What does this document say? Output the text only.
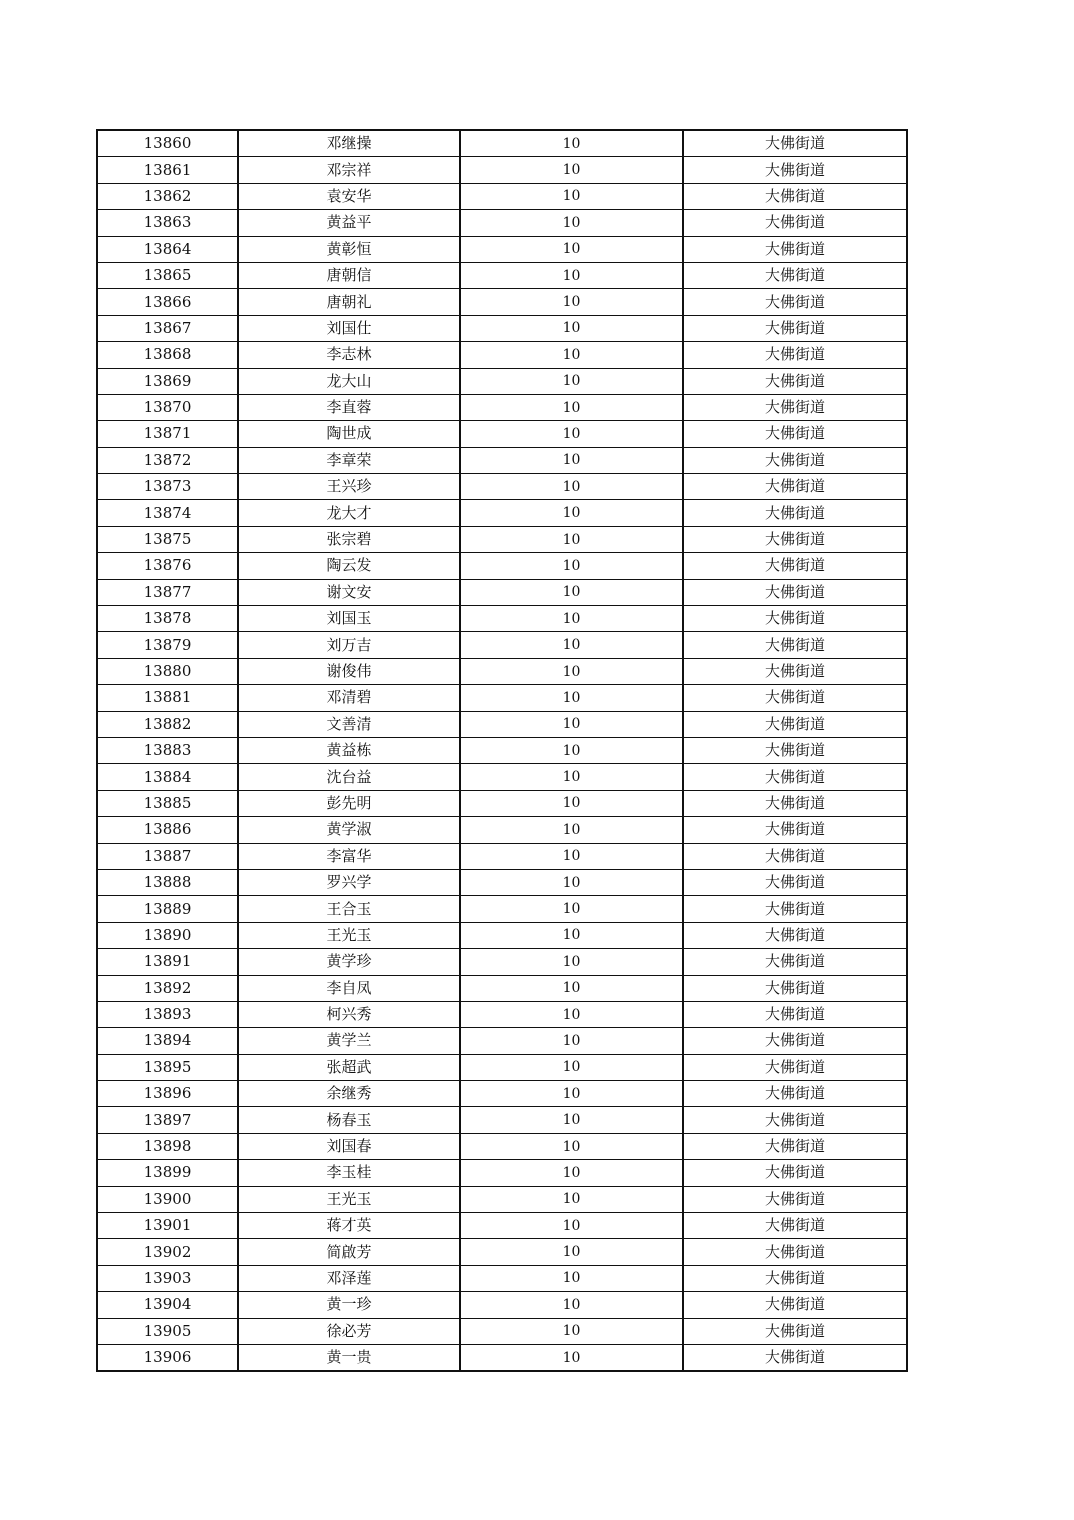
13860	邓继操	10	大佛街道
13861	邓宗祥	10	大佛街道
13862	袁安华	10	大佛街道
13863	黄益平	10	大佛街道
13864	黄彰恒	10	大佛街道
13865	唐朝信	10	大佛街道
13866	唐朝礼	10	大佛街道
13867	刘国仕	10	大佛街道
13868	李志林	10	大佛街道
13869	龙大山	10	大佛街道
13870	李直蓉	10	大佛街道
13871	陶世成	10	大佛街道
13872	李章荣	10	大佛街道
13873	王兴珍	10	大佛街道
13874	龙大才	10	大佛街道
13875	张宗碧	10	大佛街道
13876	陶云发	10	大佛街道
13877	谢文安	10	大佛街道
13878	刘国玉	10	大佛街道
13879	刘万吉	10	大佛街道
13880	谢俊伟	10	大佛街道
13881	邓清碧	10	大佛街道
13882	文善清	10	大佛街道
13883	黄益栋	10	大佛街道
13884	沈台益	10	大佛街道
13885	彭先明	10	大佛街道
13886	黄学淑	10	大佛街道
13887	李富华	10	大佛街道
13888	罗兴学	10	大佛街道
13889	王合玉	10	大佛街道
13890	王光玉	10	大佛街道
13891	黄学珍	10	大佛街道
13892	李自凤	10	大佛街道
13893	柯兴秀	10	大佛街道
13894	黄学兰	10	大佛街道
13895	张超武	10	大佛街道
13896	余继秀	10	大佛街道
13897	杨春玉	10	大佛街道
13898	刘国春	10	大佛街道
13899	李玉桂	10	大佛街道
13900	王光玉	10	大佛街道
13901	蒋才英	10	大佛街道
13902	简啟芳	10	大佛街道
13903	邓泽莲	10	大佛街道
13904	黄一珍	10	大佛街道
13905	徐必芳	10	大佛街道
13906	黄一贵	10	大佛街道
